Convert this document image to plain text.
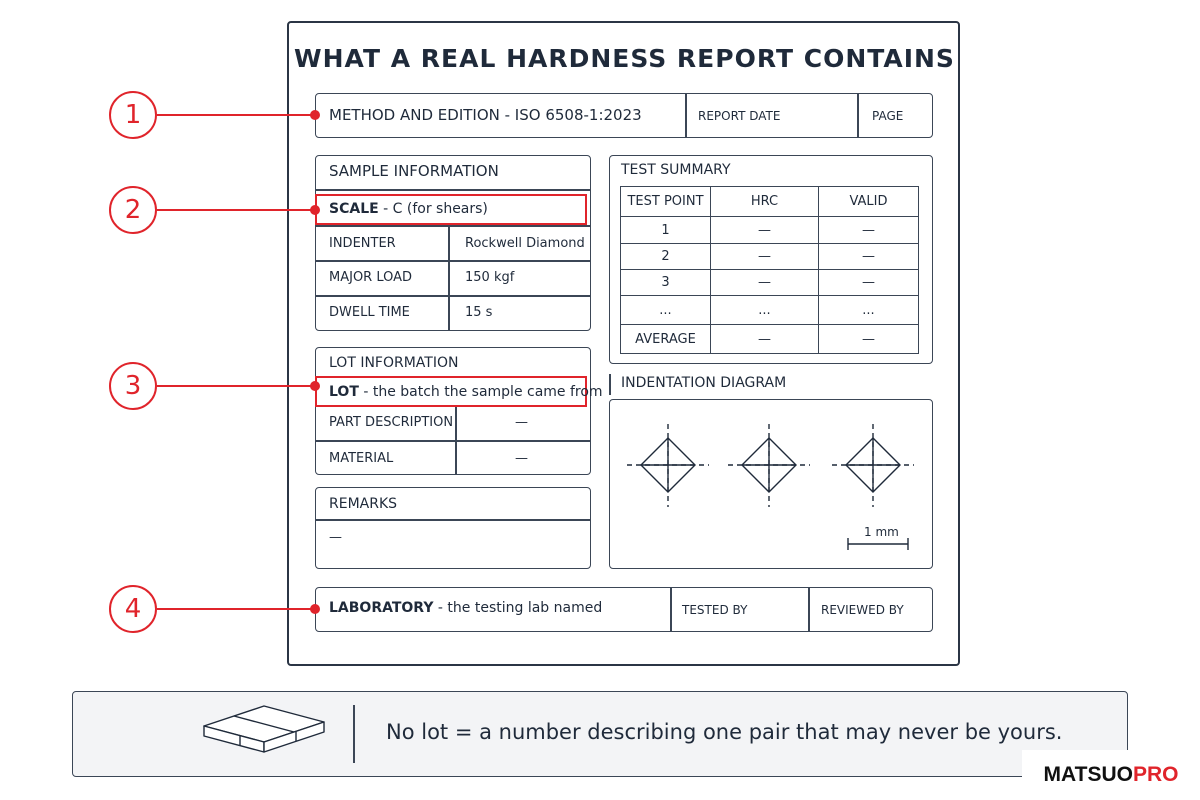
WHAT A REAL HARDNESS REPORT CONTAINS
METHOD AND EDITION - ISO 6508-1:2023	REPORT DATE	PAGE
SAMPLE INFORMATION
SCALE - C (for shears)
INDENTER	Rockwell Diamond
MAJOR LOAD	150 kgf
DWELL TIME	15 s
LOT INFORMATION
LOT - the batch the sample came from
PART DESCRIPTION	—
MATERIAL	—
REMARKS
—
TEST SUMMARY
TEST POINT	HRC	VALID
1	—	—
2	—	—
3	—	—
...	...	...
AVERAGE	—	—
INDENTATION DIAGRAM
1 mm
LABORATORY - the testing lab named	TESTED BY	REVIEWED BY
1
2
3
4
No lot = a number describing one pair that may never be yours.
MATSUO PRO
